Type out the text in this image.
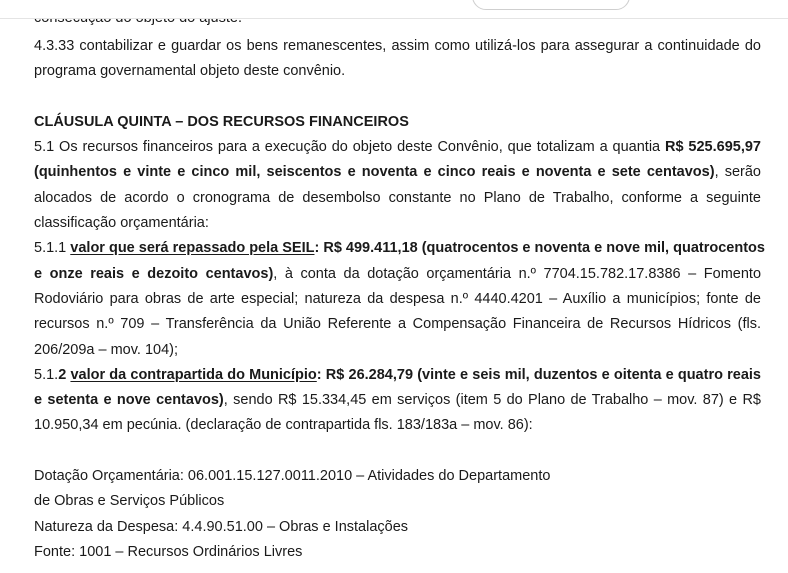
4.3.33 contabilizar e guardar os bens remanescentes, assim como utilizá-los para assegurar a continuidade do
programa governamental objeto deste convênio.
CLÁUSULA QUINTA – DOS RECURSOS FINANCEIROS
5.1 Os recursos financeiros para a execução do objeto deste Convênio, que totalizam a quantia R$ 525.695,97
(quinhentos e vinte e cinco mil, seiscentos e noventa e cinco reais e noventa e sete centavos), serão
alocados de acordo o cronograma de desembolso constante no Plano de Trabalho, conforme a seguinte
classificação orçamentária:
5.1.1 valor que será repassado pela SEIL: R$ 499.411,18 (quatrocentos e noventa e nove mil, quatrocentos
e onze reais e dezoito centavos), à conta da dotação orçamentária n.º 7704.15.782.17.8386 – Fomento
Rodoviário para obras de arte especial; natureza da despesa n.º 4440.4201 – Auxílio a municípios; fonte de
recursos n.º 709 – Transferência da União Referente a Compensação Financeira de Recursos Hídricos (fls.
206/209a – mov. 104);
5.1.2 valor da contrapartida do Município: R$ 26.284,79 (vinte e seis mil, duzentos e oitenta e quatro reais
e setenta e nove centavos), sendo R$ 15.334,45 em serviços (item 5 do Plano de Trabalho – mov. 87) e R$
10.950,34 em pecúnia. (declaração de contrapartida fls. 183/183a – mov. 86):
Dotação Orçamentária: 06.001.15.127.0011.2010 – Atividades do Departamento
de Obras e Serviços Públicos
Natureza da Despesa: 4.4.90.51.00 – Obras e Instalações
Fonte: 1001 – Recursos Ordinários Livres
